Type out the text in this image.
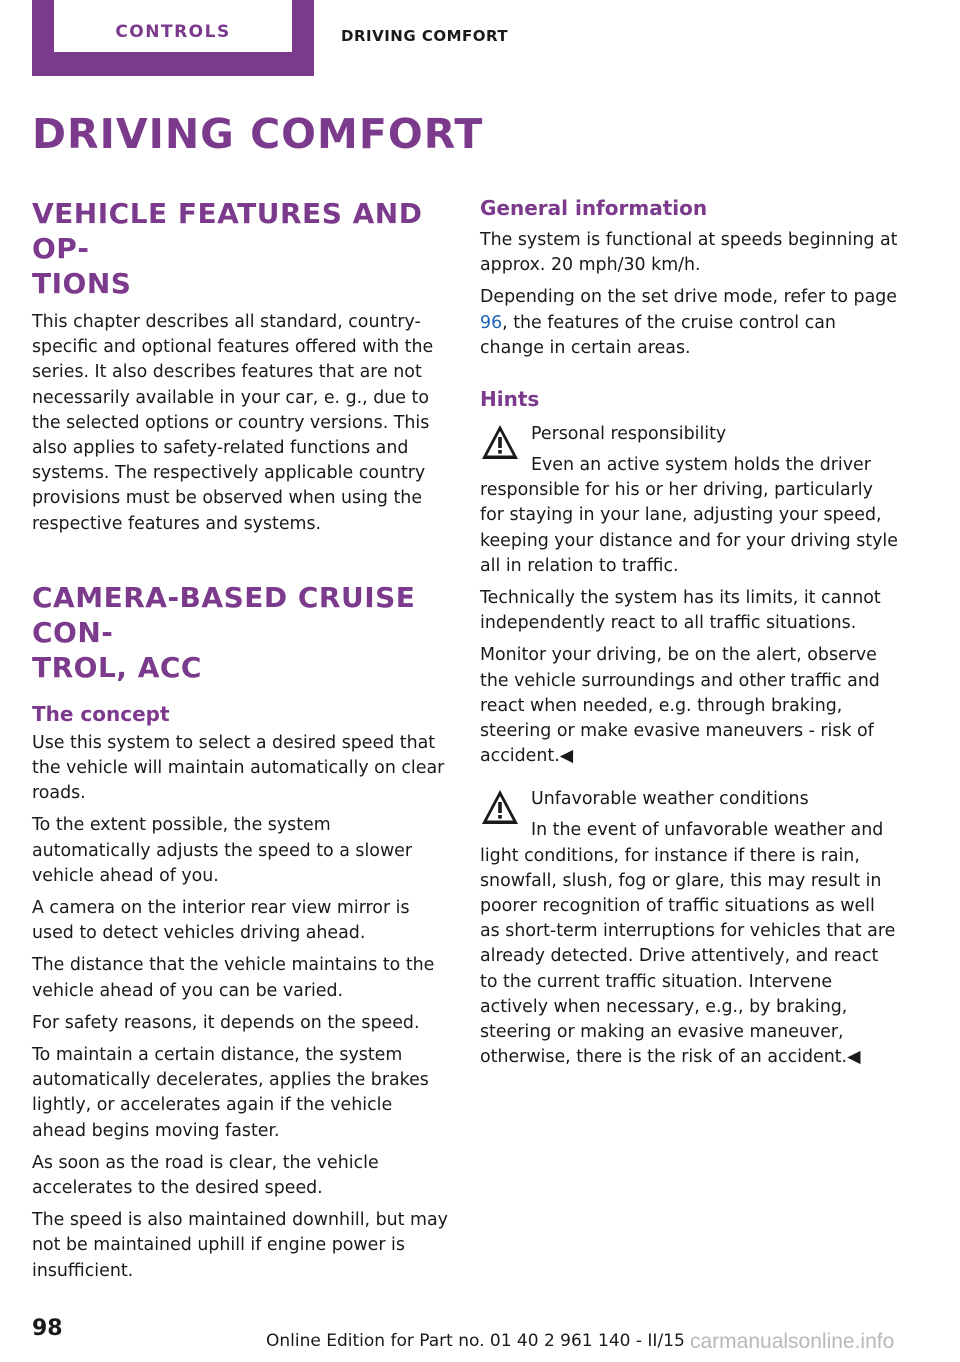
CONTROLS	DRIVING COMFORT
DRIVING COMFORT
VEHICLE FEATURES AND OP‐
TIONS

This chapter describes all standard, country-specific and optional features offered with the series. It also describes features that are not necessarily available in your car, e. g., due to the selected options or country versions. This also applies to safety-related functions and systems. The respectively applicable country provisions must be observed when using the respective features and systems.

CAMERA-BASED CRUISE CON‐
TROL, ACC
The concept

Use this system to select a desired speed that the vehicle will maintain automatically on clear roads.

To the extent possible, the system automatically adjusts the speed to a slower vehicle ahead of you.

A camera on the interior rear view mirror is used to detect vehicles driving ahead.

The distance that the vehicle maintains to the vehicle ahead of you can be varied.

For safety reasons, it depends on the speed.

To maintain a certain distance, the system automatically decelerates, applies the brakes lightly, or accelerates again if the vehicle ahead begins moving faster.

As soon as the road is clear, the vehicle accelerates to the desired speed.

The speed is also maintained downhill, but may not be maintained uphill if engine power is insufficient.

General information

The system is functional at speeds beginning at approx. 20 mph/30 km/h.

Depending on the set drive mode, refer to page 96, the features of the cruise control can change in certain areas.

Hints

Personal responsibility

Even an active system holds the driver responsible for his or her driving, particularly for staying in your lane, adjusting your speed, keeping your distance and for your driving style all in relation to traffic.

Technically the system has its limits, it cannot independently react to all traffic situations.

Monitor your driving, be on the alert, observe the vehicle surroundings and other traffic and react when needed, e.g. through braking, steering or make evasive maneuvers - risk of accident.◀

Unfavorable weather conditions

In the event of unfavorable weather and light conditions, for instance if there is rain, snowfall, slush, fog or glare, this may result in poorer recognition of traffic situations as well as short-term interruptions for vehicles that are already detected. Drive attentively, and react to the current traffic situation. Intervene actively when necessary, e.g., by braking, steering or making an evasive maneuver, otherwise, there is the risk of an accident.◀

98	Online Edition for Part no. 01 40 2 961 140 - II/15 carmanualsonline.info
